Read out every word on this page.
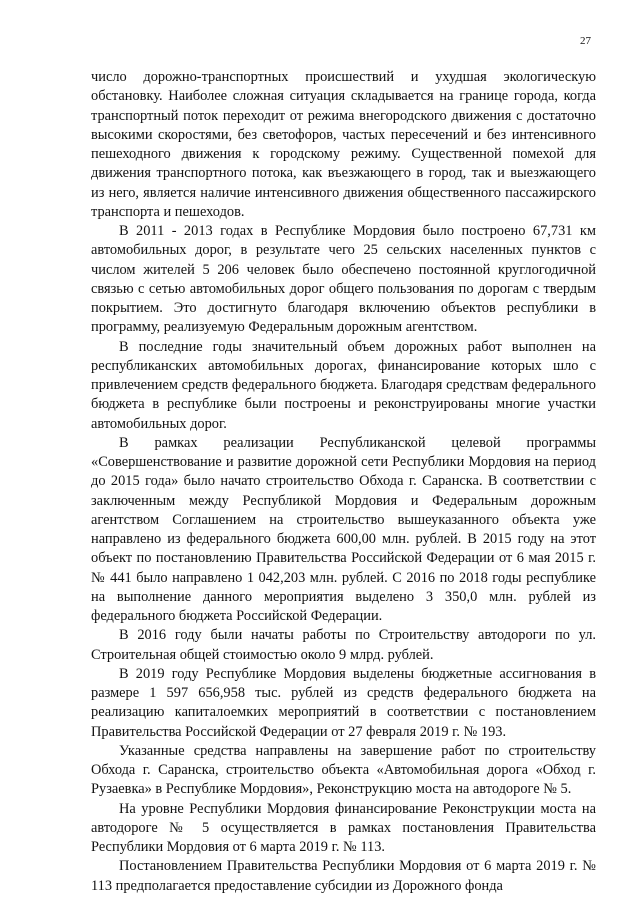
27

число дорожно-транспортных происшествий и ухудшая экологическую обстановку. Наиболее сложная ситуация складывается на границе города, когда транспортный поток переходит от режима внегородского движения с достаточно высокими скоростями, без светофоров, частых пересечений и без интенсивного пешеходного движения к городскому режиму. Существенной помехой для движения транспортного потока, как въезжающего в город, так и выезжающего из него, является наличие интенсивного движения общественного пассажирского транспорта и пешеходов.

В 2011 - 2013 годах в Республике Мордовия было построено 67,731 км автомобильных дорог, в результате чего 25 сельских населенных пунктов с числом жителей 5 206 человек было обеспечено постоянной круглогодичной связью с сетью автомобильных дорог общего пользования по дорогам с твердым покрытием. Это достигнуто благодаря включению объектов республики в программу, реализуемую Федеральным дорожным агентством.

В последние годы значительный объем дорожных работ выполнен на республиканских автомобильных дорогах, финансирование которых шло с привлечением средств федерального бюджета. Благодаря средствам федерального бюджета в республике были построены и реконструированы многие участки автомобильных дорог.

В рамках реализации Республиканской целевой программы «Совершенствование и развитие дорожной сети Республики Мордовия на период до 2015 года» было начато строительство Обхода г. Саранска. В соответствии с заключенным между Республикой Мордовия и Федеральным дорожным агентством Соглашением на строительство вышеуказанного объекта уже направлено из федерального бюджета 600,00 млн. рублей. В 2015 году на этот объект по постановлению Правительства Российской Федерации от 6 мая 2015 г. № 441 было направлено 1 042,203 млн. рублей. С 2016 по 2018 годы республике на выполнение данного мероприятия выделено 3 350,0 млн. рублей из федерального бюджета Российской Федерации.

В 2016 году были начаты работы по Строительству автодороги по ул. Строительная общей стоимостью около 9 млрд. рублей.

В 2019 году Республике Мордовия выделены бюджетные ассигнования в размере 1 597 656,958 тыс. рублей из средств федерального бюджета на реализацию капиталоемких мероприятий в соответствии с постановлением Правительства Российской Федерации от 27 февраля 2019 г. № 193.

Указанные средства направлены на завершение работ по строительству Обхода г. Саранска, строительство объекта «Автомобильная дорога «Обход г. Рузаевка» в Республике Мордовия», Реконструкцию моста на автодороге № 5.

На уровне Республики Мордовия финансирование Реконструкции моста на автодороге № 5 осуществляется в рамках постановления Правительства Республики Мордовия от 6 марта 2019 г. № 113.

Постановлением Правительства Республики Мордовия от 6 марта 2019 г. № 113 предполагается предоставление субсидии из Дорожного фонда
